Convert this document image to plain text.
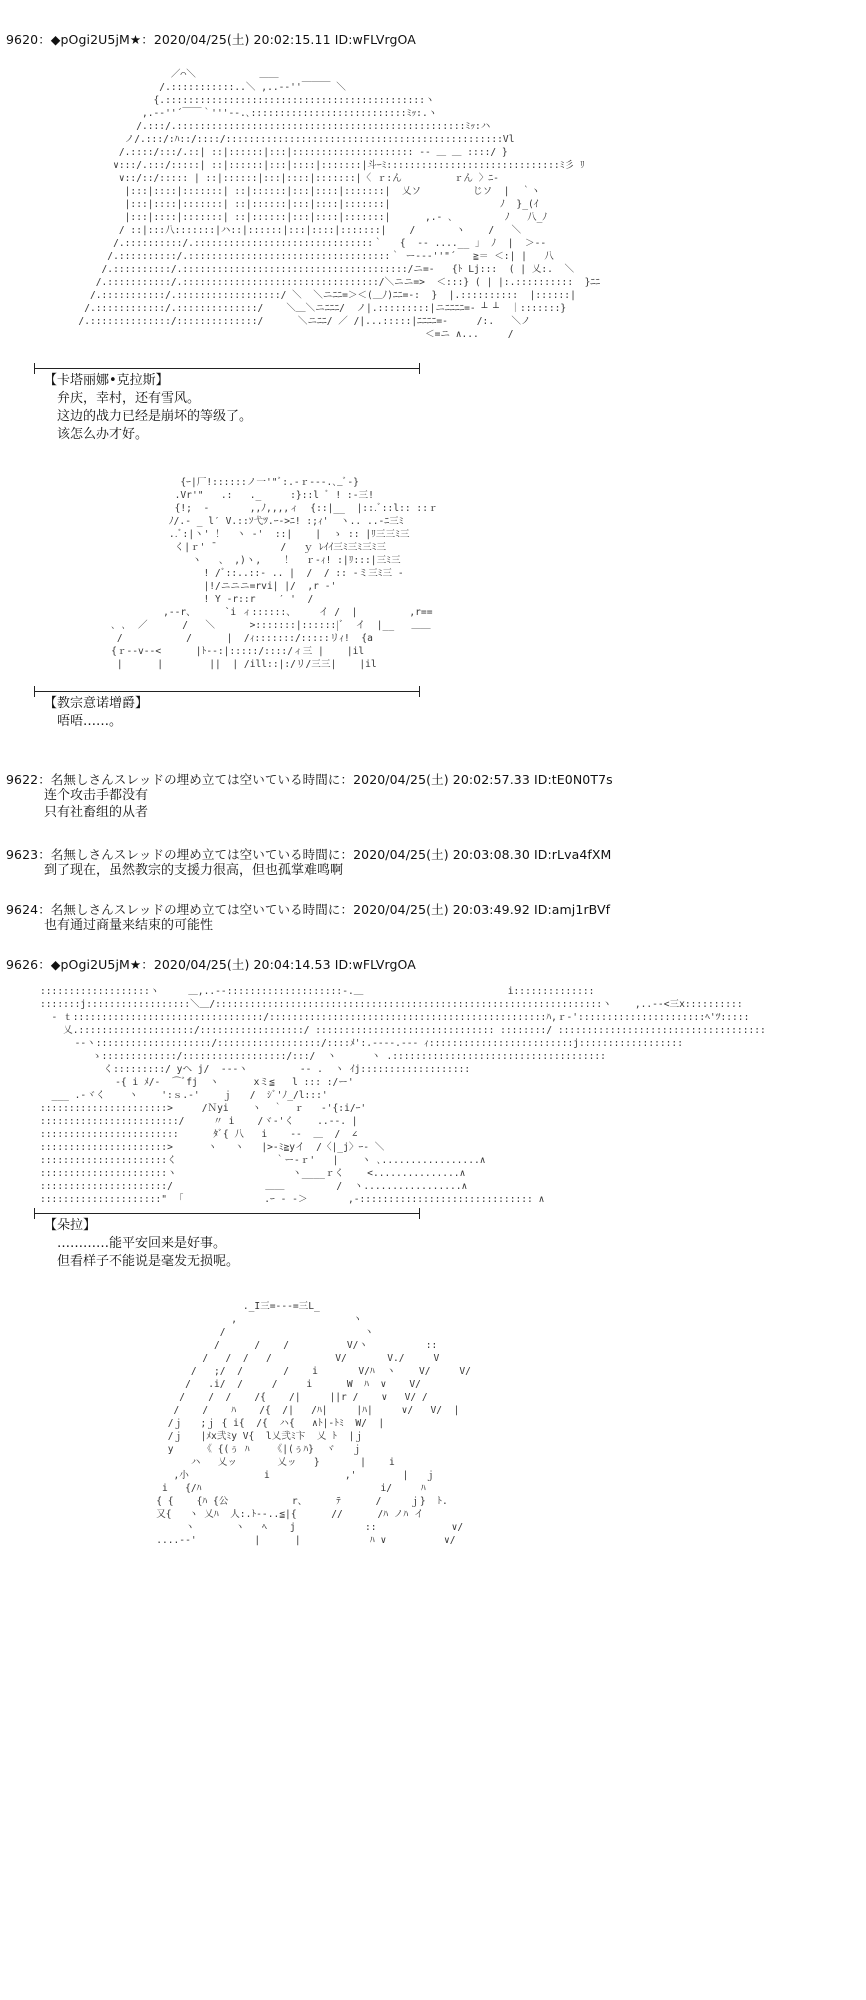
9620：◆pOgi2U5jM★：2020/04/25(土) 20:02:15.11 ID:wFLVrgOA
／⌒＼           ＿＿
/.:::::::::::..＼ ,..-‐''￣￣￣ ＼
{.:::::::::::::::::::::::::::::::::::::::::::::ヽ
,.-‐''´￣￣｀'''‐-.､:::::::::::::::::::::::::::ﾐｯ:.ヽ
/.:::/.::::::::::::::::::::::::::::::::::::::::::::::::::ﾐｯ:ハ
ノ/.:::/:ﾊ::/::::/::::::::::::::::::::::::::::::::::::::::::::::::Vl
/.::::/:::/.::| ::|::::::|:::|::::::::::::::::::::: ‐- ＿ ＿ ::::/ }
∨:::/.:::/:::::| ::|::::::|:::|::::|:::::::|斗ｰﾐ::::::::::::::::::::::::::::::ﾐ彡 ﾘ
∨::/::/::::: | ::|::::::|:::|::::|:::::::|〈 ｒ:ん         ｒん 〉ﾆ-
|:::|::::|:::::::| ::|::::::|:::|::::|:::::::|  乂ソ         じソ  |  ｀ヽ
|:::|::::|:::::::| ::|::::::|:::|::::|:::::::|                   ﾉ  }_(ｲ
|:::|::::|:::::::| ::|::::::|:::|::::|:::::::|      ,.- ､         ﾉ   八_ﾉ
/ ::|:::八:::::::|ハ::|::::::|:::|::::|:::::::|    /       ヽ    /   ＼
/.::::::::::/.:::::::::::::::::::::::::::::::｀   {  ‐- ....__ ｣  ﾉ  |  ＞‐-
/.::::::::::/.:::::::::::::::::::::::::::::::::::｀ ー--‐''"´   ≧＝ ＜:| |   八
/.::::::::::/.:::::::::::::::::::::::::::::::::::::::/ニ=-   {ﾄ Lj:::  ( | 乂:.  ＼
/.:::::::::::/.::::::::::::::::::::::::::::::::::/＼ニニ=>  ＜:::} ( | |:.::::::::::  }ﾆﾆ
/.:::::::::::/.::::::::::::::::::/ ＼  ＼ニﾆﾆ=＞＜(＿ﾉ)ﾆﾆ=‐:  }  |.::::::::::  |::::::|
/.::::::::::::/.::::::::::::::/    ＼＿＼ニﾆﾆﾆ/  ノ|.:::::::::|ニﾆﾆﾆﾆ=- ┴ ┴  ｜:::::::}
/.::::::::::::::/::::::::::::::/      ＼ニﾆﾆ/ ／ /|...:::::|ﾆﾆﾆﾆ=-     /:.   ＼ノ
＜=ニ ∧...     /
【卡塔丽娜•克拉斯】
弁庆，幸村，还有雪风。
这边的战力已经是崩坏的等级了。
该怎么办才好。
{ｰ|厂!::::::ノ一'"ﾞ:.-ｒ-‐-.､_ﾞ-}
.Vr'"   .:   ._     :}::l ﾞ ! :‐三!
{!;  -       ,,ﾉ,,,,ィ  {::|__  |::.ﾞ::l:: ::ｒ
ﾉ/.- _ l′ V.::ｿ弋ﾂ.ｰ‐>ﾆ! :;ｨ'  ヽ.. ..-ﾆ三ﾐ
..ﾞ:|ヽ' ！  ヽ -'  ::|    |  ゝ :: |ﾘ三三ﾐ三
く|ｒ' ̄            /   ｙ ﾚｲｲ三ﾐ三ﾐ三ﾐ三
ヽ   、 ,)ヽ,    ！  ｒ-ｨ! :|ﾘ:::|三ﾐ三
! /ﾞ::..::‐ .. |  /  / :: ‐ミ三ﾐ三 ‐
|!/ニニニ=rvi| |/  ,r ‐'
! Y -r::r    ′ '  /
,-‐r、     `i ィ::::::、    イ /  |         ,r==
､ ､  ／      /   ＼      >:::::::|::::::|ﾞ  イ  |__   ＿＿
/           /      |  /ｨ:::::::/:::::リｨ!  {a
{ｒ--v--<      |ﾄ--:|:::::/::::/ィ三 |    |il
|      |        ||  | /ill::|:/リ/三三|    |il
【教宗意诺增爵】
唔唔……。
9622：名無しさんスレッドの埋め立ては空いている時間に：2020/04/25(土) 20:02:57.33 ID:tE0N0T7s
连个攻击手都没有
只有社畜组的从者
9623：名無しさんスレッドの埋め立ては空いている時間に：2020/04/25(土) 20:03:08.30 ID:rLva4fXM
到了现在，虽然教宗的支援力很高，但也孤掌难鸣啊
9624：名無しさんスレッドの埋め立ては空いている時間に：2020/04/25(土) 20:03:49.92 ID:amj1rBVf
也有通过商量来结束的可能性
9626：◆pOgi2U5jM★：2020/04/25(土) 20:04:14.53 ID:wFLVrgOA
:::::::::::::::::::ヽ     ＿,..--::::::::::::::::::::-.＿                         i::::::::::::::
:::::::j::::::::::::::::::＼＿/:::::::::::::::::::::::::::::::::::::::::::::::::::::::::::::::::::ヽ    ,..--<三x::::::::::
‐ ｔ:::::::::::::::::::::::::::::::::/::::::::::::::::::::::::::::::::::::::::::::::::ﾊ,ｒ-'::::::::::::::::::::::ﾍ'ﾂ:::::
乂.::::::::::::::::::::/::::::::::::::::::/ ::::::::::::::::::::::::::::::: ::::::::/ ::::::::::::::::::::::::::::::::::::
‐-ヽ::::::::::::::::::::/::::::::::::::::::/::::ﾒ':.-‐‐‐.-‐- ｨ:::::::::::::::::::::::::j::::::::::::::::::
ゝ:::::::::::::/::::::::::::::::::/:::/  ヽ      ヽ .:::::::::::::::::::::::::::::::::::::
く:::::::::/ yヘ j/  --‐ヽ         ‐- .  ヽ ｲj:::::::::::::::::::
‐{ i ﾒ/‐  ⌒ﾞfj  ヽ      xミ≦   l ::: :/ー'
___ .-ヾく    ヽ    ':ｓ.‐'    ｊ   /  ｼﾞ'ﾉ_/l:::'
::::::::::::::::::::::>     /Ｎyi    ヽ  ｀  ｒ   ‐'{:i/ｰ'
::::::::::::::::::::::::/     〃 i    /ヾ‐'く    ..--. |
::::::::::::::::::::::::      ﾀﾞ{ 八   i    ‐-  ＿  /  ∠
::::::::::::::::::::::>      ヽ   ヽ   |>‐ﾐ≧yイ  /〈|_j〉ｰ‐ ＼
::::::::::::::::::::::く                 ｀ー‐ｒ'   |    ヽ ､.................∧
::::::::::::::::::::::ヽ                    ヽ____ｒく    <...............∧
::::::::::::::::::::::/                ＿＿         /  ヽ.................∧
:::::::::::::::::::::"  ｢              .ｰ ‐ ‐＞       ,-:::::::::::::::::::::::::::::: ∧
【朵拉】
…………能平安回来是好事。
但看样子不能说是毫发无损呢。
._I三=‐‐‐=三L_
,                    ヽ
/                        ヽ
/      /    /          V/ヽ          ::
/   /  /   /           V/       V./     V
/   ;/  /       /    i       V/ﾊ  ヽ    V/     V/
/   .i/  /     /     i      W  ﾊ  ∨    V/
/    /  /    /{    /|     ||r /    ∨   V/ /
/    /    ﾊ    /{  /|   /ﾊ|     |ﾊ|     ∨/   V/  |
/ｊ   ;ｊ { i{  /{  ハ{   ∧ﾄ|‐ﾄﾐ  W/  |
/ｊ   |ﾒx弐ﾐy V{  l乂弐ﾐ卞  乂 ﾄ  |ｊ
y     《 {(ぅ ﾊ    《|(ぅﾊ}  ヾ   ｊ
ハ   乂ッ       乂ッ   }       |    i
,小             i             ,'        |   ｊ
i   {/ﾊ                               i/     ﾊ
{ {    {ﾊ {公           r、     ﾃ      /     ｊ}  ﾄ.
又{   ヽ 乂ﾊ  人:.ﾄ‐‐..≦|{      //      /ﾊ ノﾊ イ
ヽ       ヽ   ﾍ    j            ::             ∨/
....-‐'          |      |            ﾊ ∨          ∨/
